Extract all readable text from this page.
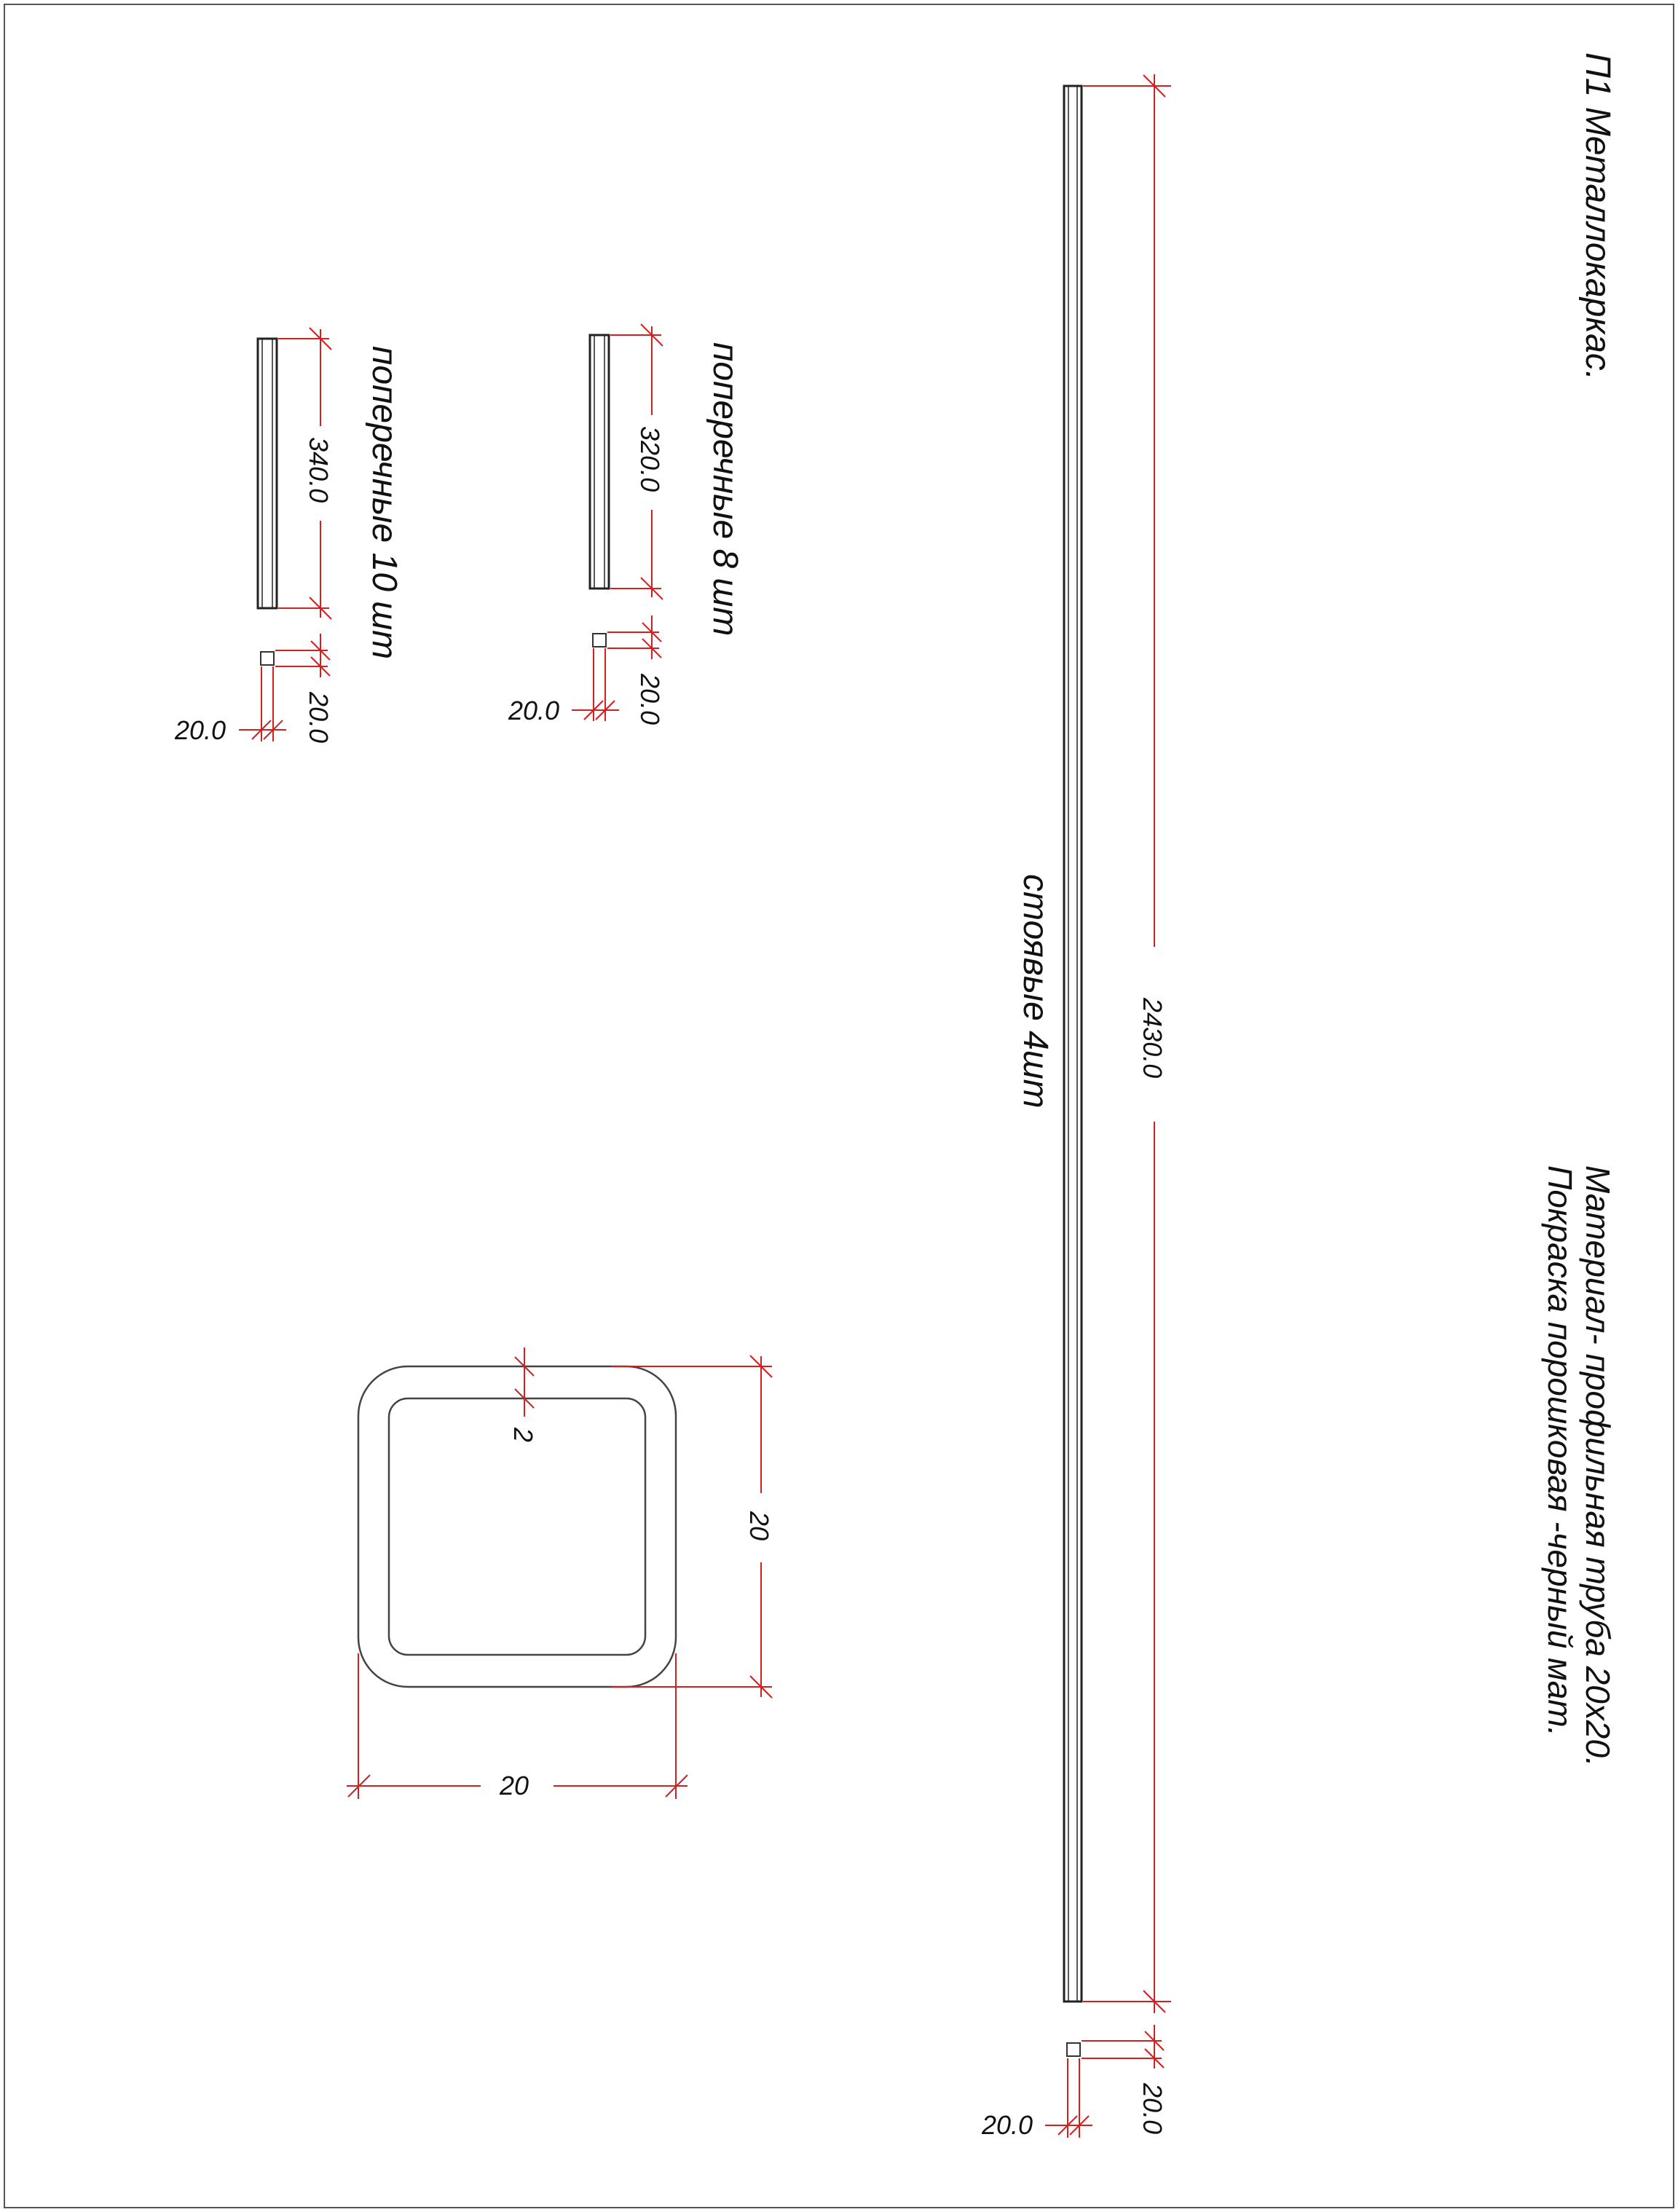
П1 Металлокаркас.
Материал- профильная труба 20х20.
Покраска порошковая -черный мат.
2430.0
стоявые 4шт
20.0
20.0
320.0 поперечные 8 шт
20.0
20.0
340.0 поперечные 10 шт
20.0
20.0
20
20
2
